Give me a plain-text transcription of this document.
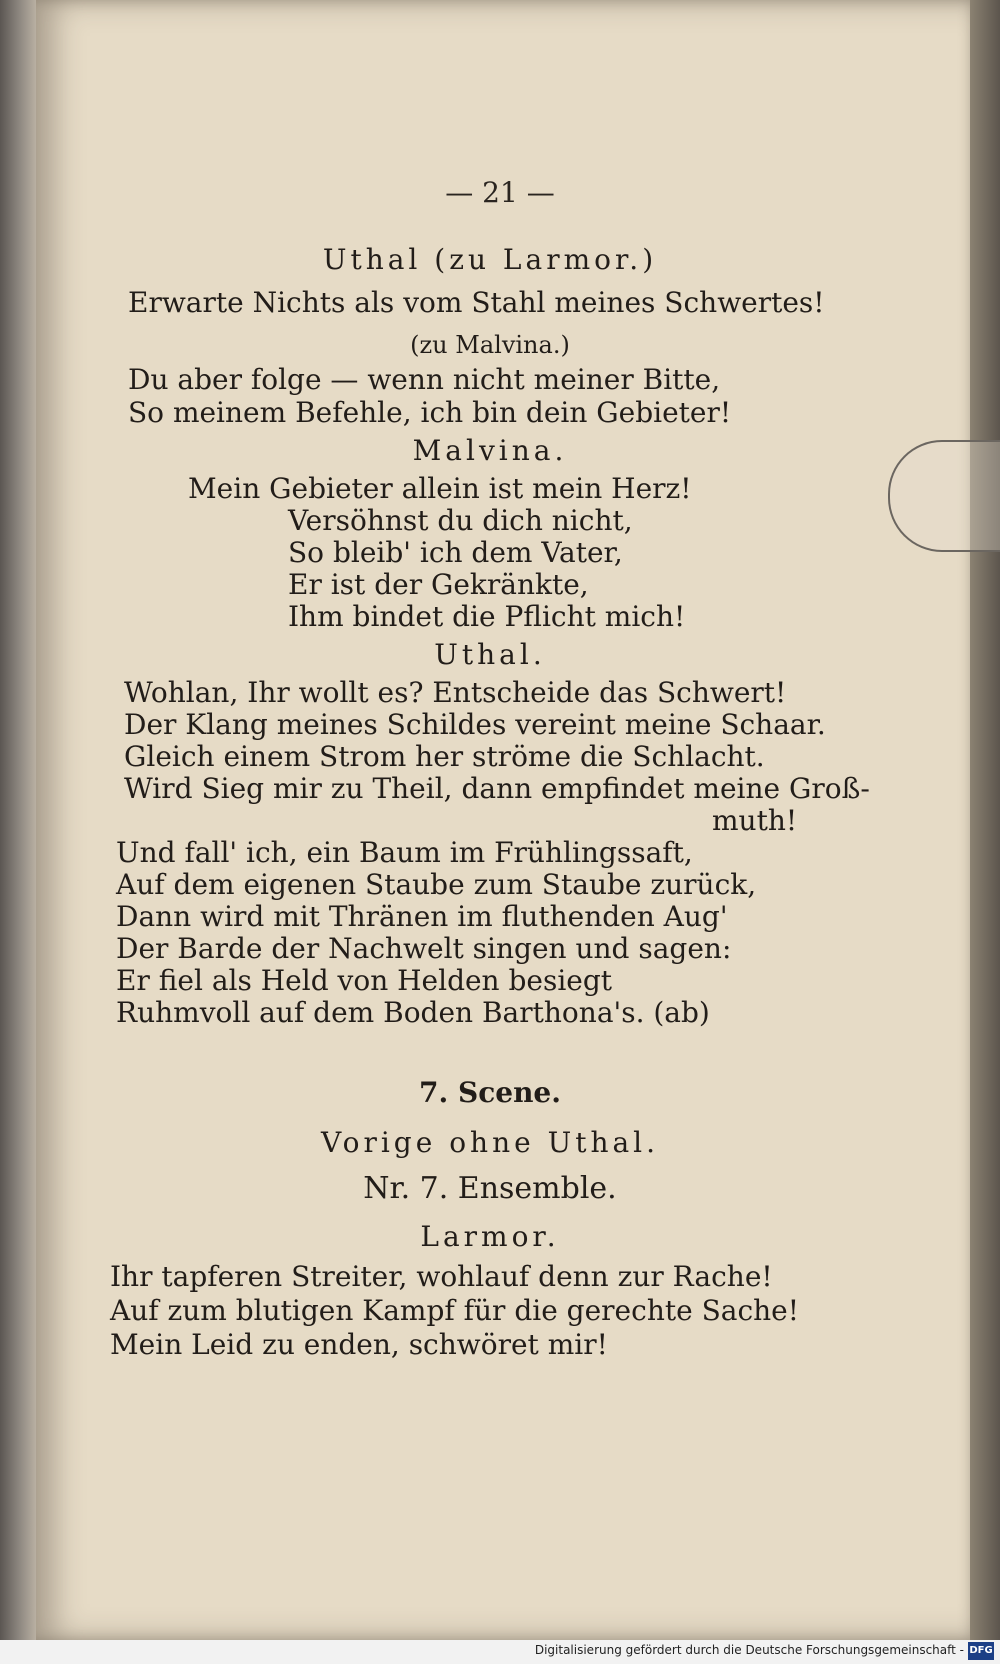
— 21 —
Uthal (zu Larmor.)
Erwarte Nichts als vom Stahl meines Schwertes!
(zu Malvina.)
Du aber folge — wenn nicht meiner Bitte,
So meinem Befehle, ich bin dein Gebieter!
Malvina.
Mein Gebieter allein ist mein Herz!
Versöhnst du dich nicht,
So bleib' ich dem Vater,
Er ist der Gekränkte,
Ihm bindet die Pflicht mich!
Uthal.
Wohlan, Ihr wollt es? Entscheide das Schwert!
Der Klang meines Schildes vereint meine Schaar.
Gleich einem Strom her ströme die Schlacht.
Wird Sieg mir zu Theil, dann empfindet meine Groß-
muth!
Und fall' ich, ein Baum im Frühlingssaft,
Auf dem eigenen Staube zum Staube zurück,
Dann wird mit Thränen im fluthenden Aug'
Der Barde der Nachwelt singen und sagen:
Er fiel als Held von Helden besiegt
Ruhmvoll auf dem Boden Barthona's. (ab)
7. Scene.
Vorige ohne Uthal.
Nr. 7. Ensemble.
Larmor.
Ihr tapferen Streiter, wohlauf denn zur Rache!
Auf zum blutigen Kampf für die gerechte Sache!
Mein Leid zu enden, schwöret mir!
Digitalisierung gefördert durch die Deutsche Forschungsgemeinschaft - DFG
